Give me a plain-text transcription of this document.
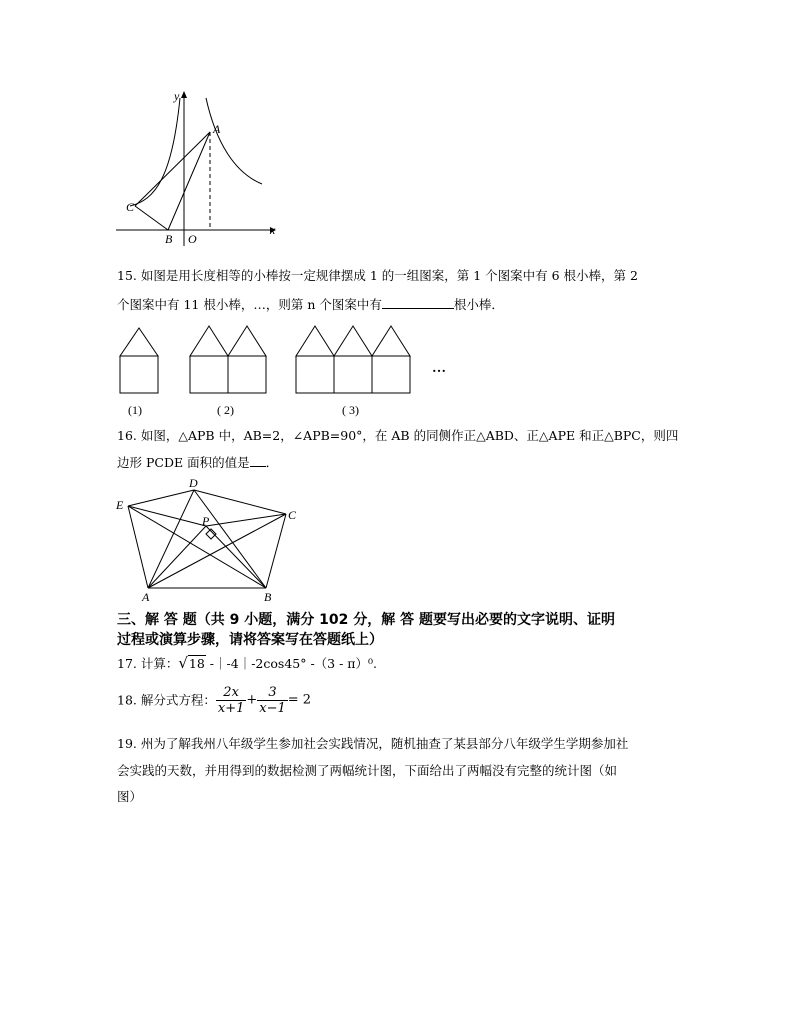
y
x
A
C
B O
15. 如图是用长度相等的小棒按一定规律摆成 1 的一组图案，第 1 个图案中有 6 根小棒，第 2
个图案中有 11 根小棒，…，则第 n 个图案中有	根小棒．
(1)	( 2)	( 3)
…
16. 如图，△APB 中，AB=2，∠APB=90°，在 AB 的同侧作正△ABD、正△APE 和正△BPC，则四
边形 PCDE 面积的值是 ．
D
E
C
P
A	B
三、解 答 题（共 9 小题，满分 102 分，解 答 题要写出必要的文字说明、证明
过程或演算步骤，请将答案写在答题纸上）
17. 计算：√18 -｜-4｜-2cos45° -（3 - π）⁰.
18. 解分式方程： $\frac{2x}{x+1} + \frac{3}{x-1} = 2$
19. 州为了解我州八年级学生参加社会实践情况，随机抽查了某县部分八年级学生学期参加社
会实践的天数，并用得到的数据检测了两幅统计图，下面给出了两幅没有完整的统计图（如
图）
